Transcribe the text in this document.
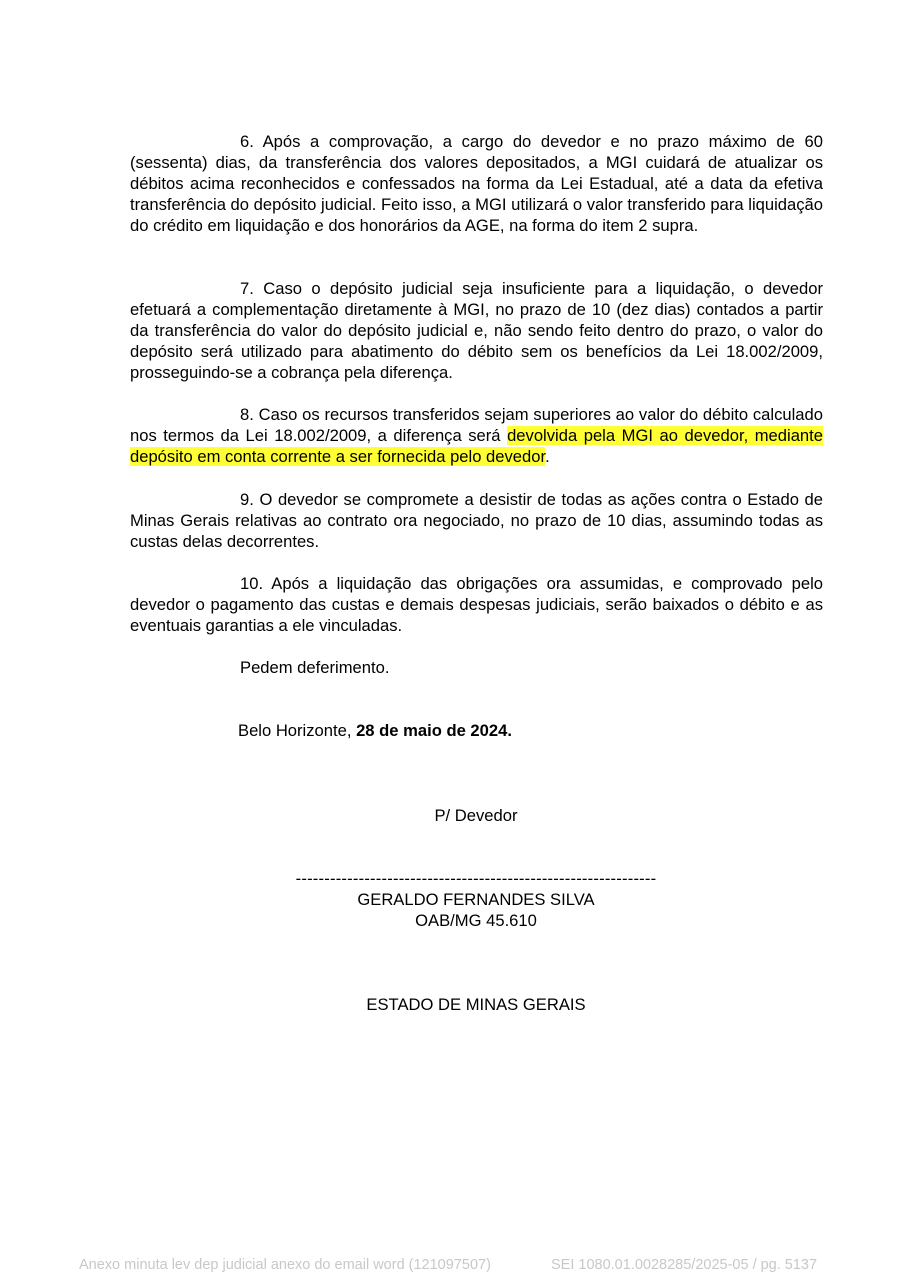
6. Após a comprovação, a cargo do devedor e no prazo máximo de 60 (sessenta) dias, da transferência dos valores depositados, a MGI cuidará de atualizar os débitos acima reconhecidos e confessados na forma da Lei Estadual, até a data da efetiva transferência do depósito judicial. Feito isso, a MGI utilizará o valor transferido para liquidação do crédito em liquidação e dos honorários da AGE, na forma do item 2 supra.

7. Caso o depósito judicial seja insuficiente para a liquidação, o devedor efetuará a complementação diretamente à MGI, no prazo de 10 (dez dias) contados a partir da transferência do valor do depósito judicial e, não sendo feito dentro do prazo, o valor do depósito será utilizado para abatimento do débito sem os benefícios da Lei 18.002/2009, prosseguindo-se a cobrança pela diferença.

8. Caso os recursos transferidos sejam superiores ao valor do débito calculado nos termos da Lei 18.002/2009, a diferença será devolvida pela MGI ao devedor, mediante depósito em conta corrente a ser fornecida pelo devedor.

9. O devedor se compromete a desistir de todas as ações contra o Estado de Minas Gerais relativas ao contrato ora negociado, no prazo de 10 dias, assumindo todas as custas delas decorrentes.

10. Após a liquidação das obrigações ora assumidas, e comprovado pelo devedor o pagamento das custas e demais despesas judiciais, serão baixados o débito e as eventuais garantias a ele vinculadas.

Pedem deferimento.

Belo Horizonte, 28 de maio de 2024.

P/ Devedor

---------------------------------------------------------------

GERALDO FERNANDES SILVA

OAB/MG 45.610

ESTADO DE MINAS GERAIS

Anexo minuta lev dep judicial anexo do email word (121097507)	SEI 1080.01.0028285/2025-05 / pg. 5137
